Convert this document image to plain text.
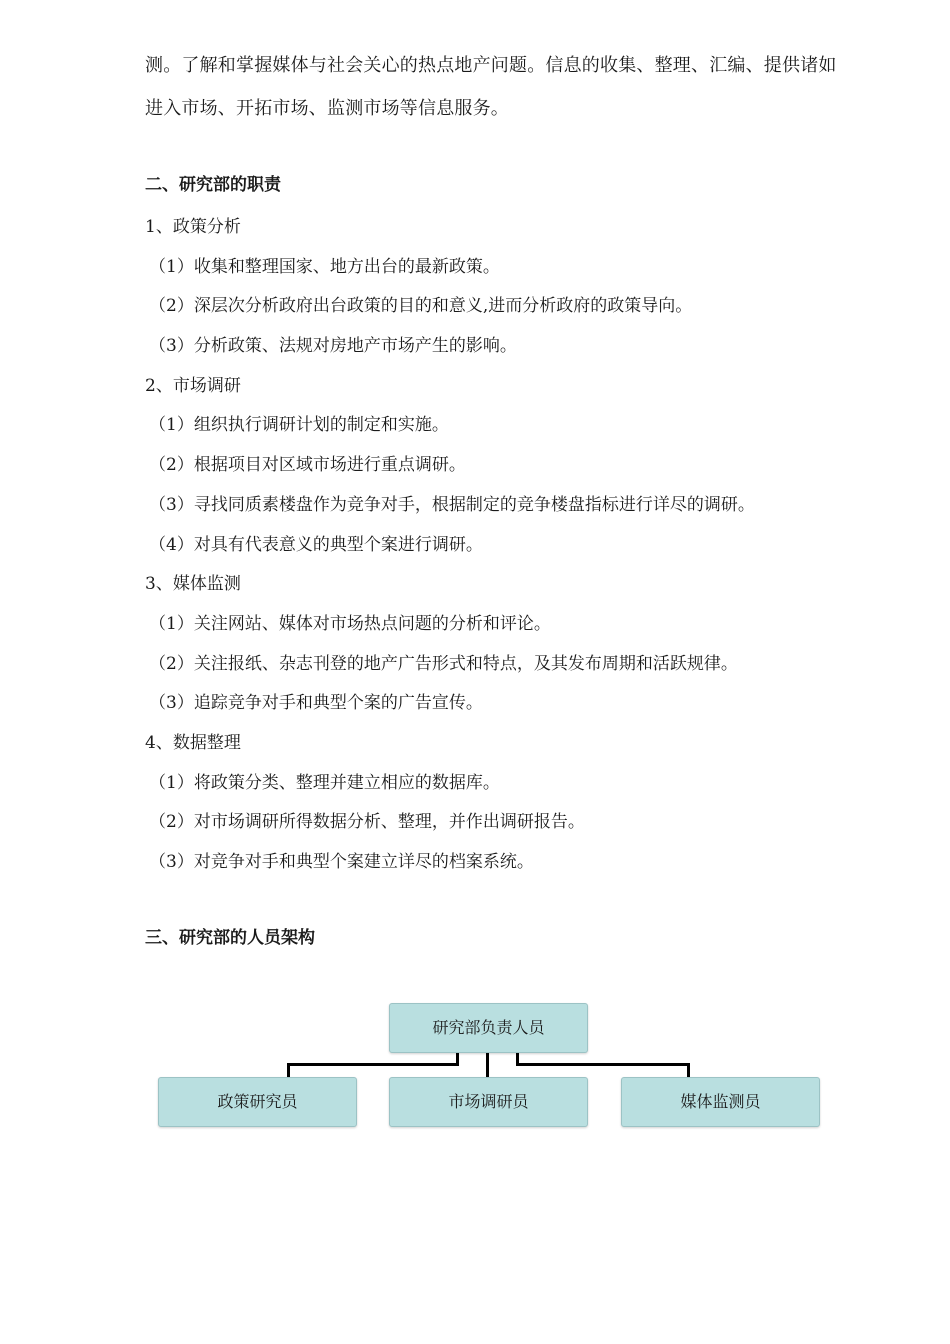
测。了解和掌握媒体与社会关心的热点地产问题。信息的收集、整理、汇编、提供诸如

进入市场、开拓市场、监测市场等信息服务。

二、研究部的职责
1、政策分析
（1）收集和整理国家、地方出台的最新政策。
（2）深层次分析政府出台政策的目的和意义,进而分析政府的政策导向。
（3）分析政策、法规对房地产市场产生的影响。
2、市场调研
（1）组织执行调研计划的制定和实施。
（2）根据项目对区域市场进行重点调研。
（3）寻找同质素楼盘作为竞争对手，根据制定的竞争楼盘指标进行详尽的调研。
（4）对具有代表意义的典型个案进行调研。
3、媒体监测
（1）关注网站、媒体对市场热点问题的分析和评论。
（2）关注报纸、杂志刊登的地产广告形式和特点，及其发布周期和活跃规律。
（3）追踪竞争对手和典型个案的广告宣传。
4、数据整理
（1）将政策分类、整理并建立相应的数据库。
（2）对市场调研所得数据分析、整理，并作出调研报告。
（3）对竞争对手和典型个案建立详尽的档案系统。
三、研究部的人员架构
研究部负责人员
政策研究员	市场调研员	媒体监测员
